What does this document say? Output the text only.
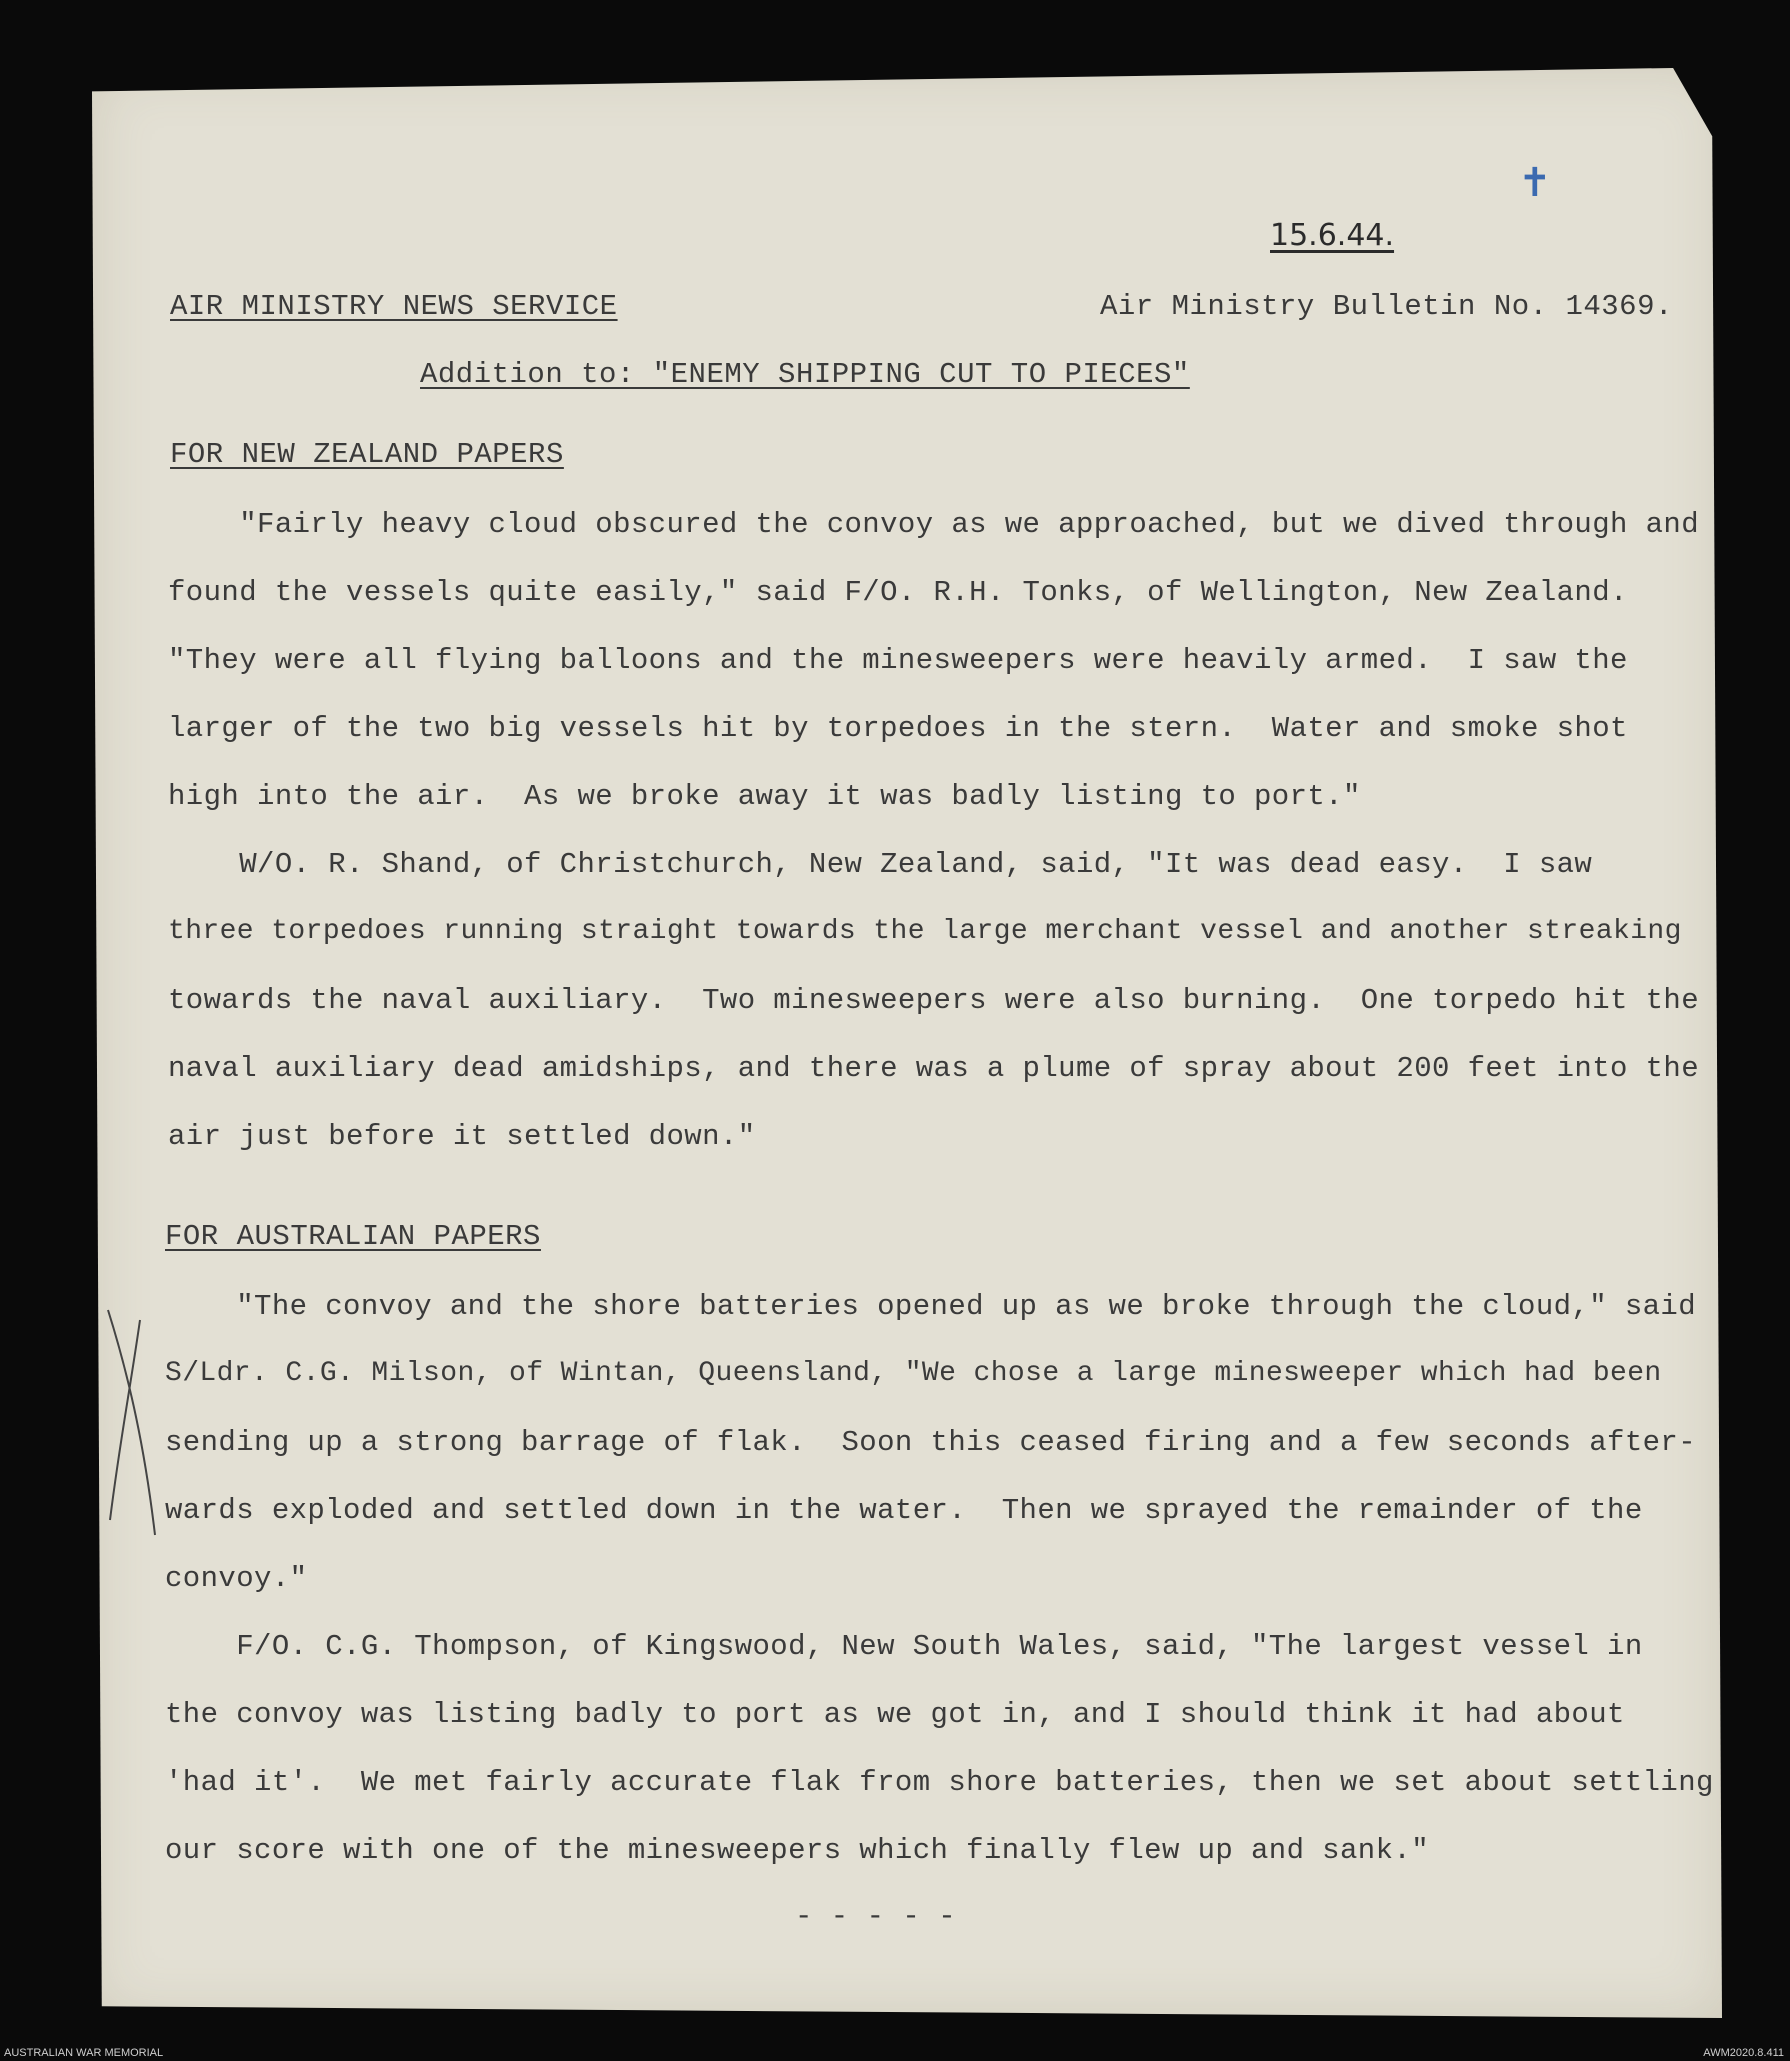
✝
15.6.44.
AIR MINISTRY NEWS SERVICE	Air Ministry Bulletin No. 14369.
Addition to: "ENEMY SHIPPING CUT TO PIECES"
FOR NEW ZEALAND PAPERS
"Fairly heavy cloud obscured the convoy as we approached, but we dived through and
found the vessels quite easily," said F/O. R.H. Tonks, of Wellington, New Zealand.
"They were all flying balloons and the minesweepers were heavily armed.  I saw the
larger of the two big vessels hit by torpedoes in the stern.  Water and smoke shot
high into the air.  As we broke away it was badly listing to port."
W/O. R. Shand, of Christchurch, New Zealand, said, "It was dead easy.  I saw
three torpedoes running straight towards the large merchant vessel and another streaking
towards the naval auxiliary.  Two minesweepers were also burning.  One torpedo hit the
naval auxiliary dead amidships, and there was a plume of spray about 200 feet into the
air just before it settled down."
FOR AUSTRALIAN PAPERS
"The convoy and the shore batteries opened up as we broke through the cloud," said
S/Ldr. C.G. Milson, of Wintan, Queensland, "We chose a large minesweeper which had been
sending up a strong barrage of flak.  Soon this ceased firing and a few seconds after-
wards exploded and settled down in the water.  Then we sprayed the remainder of the
convoy."
F/O. C.G. Thompson, of Kingswood, New South Wales, said, "The largest vessel in
the convoy was listing badly to port as we got in, and I should think it had about
'had it'.  We met fairly accurate flak from shore batteries, then we set about settling
our score with one of the minesweepers which finally flew up and sank."
- - - - -
AUSTRALIAN WAR MEMORIAL	AWM2020.8.411
